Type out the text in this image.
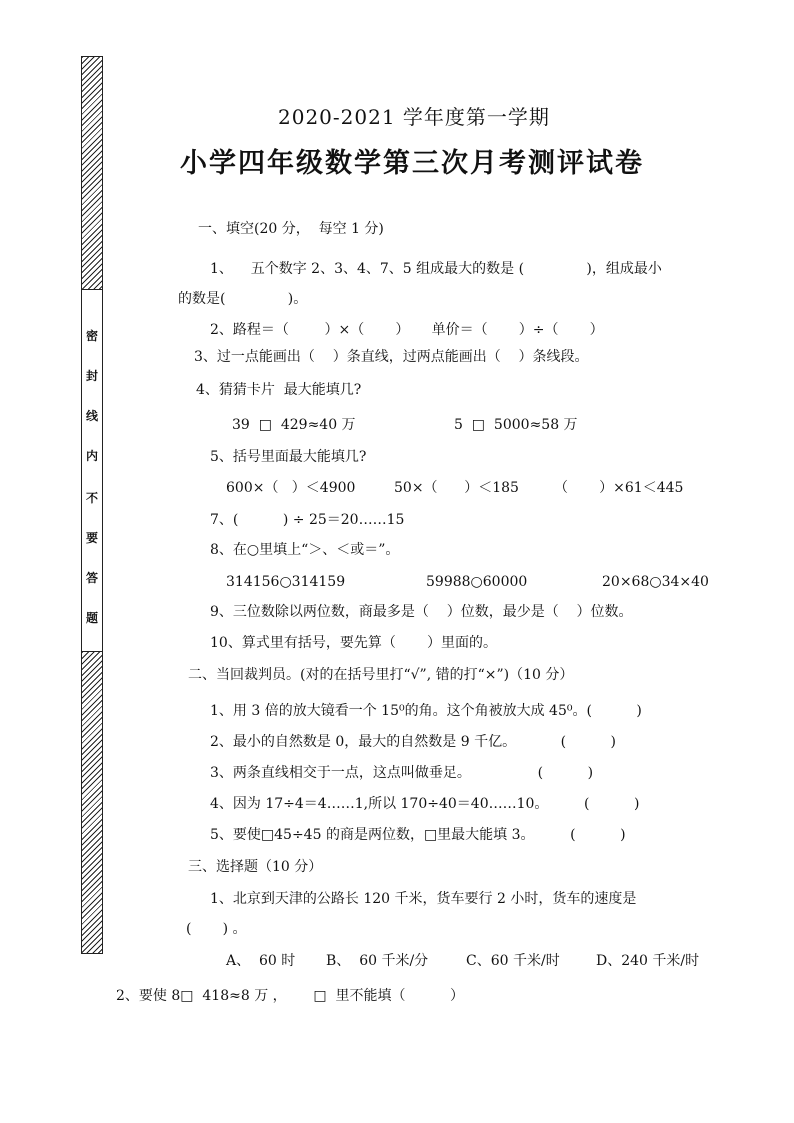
密
封
线
内
不
要
答
题
2020-2021 学年度第一学期
小学四年级数学第三次月考测评试卷
一、填空(20 分，  每空 1 分)
1、    五个数字 2、3、4、7、5 组成最大的数是 (              )，组成最小
的数是(              )。
2、路程＝（        ）×（       ）     单价＝（       ）÷（       ）
3、过一点能画出（    ）条直线，过两点能画出（    ）条线段。
4、猜猜卡片  最大能填几?
39  □  429≈40 万	5  □  5000≈58 万
5、括号里面最大能填几?
600×（   ）＜4900	50×（      ）＜185	（       ）×61＜445
7、(          ) ÷ 25＝20……15
8、在○里填上“＞、＜或＝”。
314156○314159	59988○60000	20×68○34×40
9、三位数除以两位数，商最多是（    ）位数，最少是（    ）位数。
10、算式里有括号，要先算（       ）里面的。
二、当回裁判员。(对的在括号里打“√”, 错的打“×”)（10 分）
1、用 3 倍的放大镜看一个 15⁰的角。这个角被放大成 45⁰。(          )
2、最小的自然数是 0，最大的自然数是 9 千亿。          (          )
3、两条直线相交于一点，这点叫做垂足。               (          )
4、因为 17÷4＝4……1,所以 170÷40＝40……10。        (          )
5、要使□45÷45 的商是两位数，□里最大能填 3。        (          )
三、选择题（10 分）
1、北京到天津的公路长 120 千米，货车要行 2 小时，货车的速度是
(       ) 。
A、  60 时 B、  60 千米/分	C、60 千米/时	D、240 千米/时
2、要使 8□  418≈8 万 ，      □  里不能填（          ）
